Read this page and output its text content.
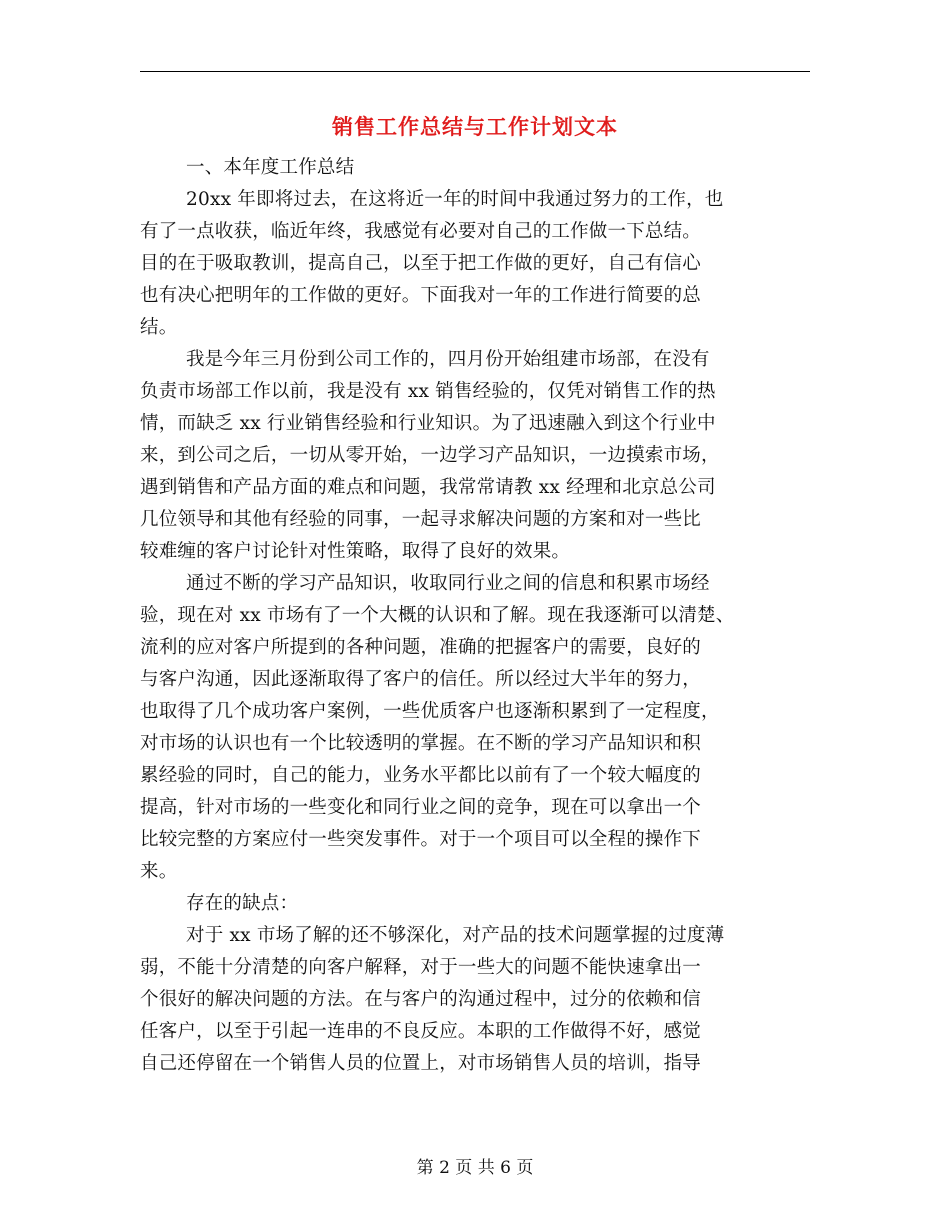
销售工作总结与工作计划文本
一、本年度工作总结
20xx 年即将过去，在这将近一年的时间中我通过努力的工作，也
有了一点收获，临近年终，我感觉有必要对自己的工作做一下总结。
目的在于吸取教训，提高自己，以至于把工作做的更好，自己有信心
也有决心把明年的工作做的更好。下面我对一年的工作进行简要的总
结。
我是今年三月份到公司工作的，四月份开始组建市场部，在没有
负责市场部工作以前，我是没有 xx 销售经验的，仅凭对销售工作的热
情，而缺乏 xx 行业销售经验和行业知识。为了迅速融入到这个行业中
来，到公司之后，一切从零开始，一边学习产品知识，一边摸索市场，
遇到销售和产品方面的难点和问题，我常常请教 xx 经理和北京总公司
几位领导和其他有经验的同事，一起寻求解决问题的方案和对一些比
较难缠的客户讨论针对性策略，取得了良好的效果。
通过不断的学习产品知识，收取同行业之间的信息和积累市场经
验，现在对 xx 市场有了一个大概的认识和了解。现在我逐渐可以清楚、
流利的应对客户所提到的各种问题，准确的把握客户的需要，良好的
与客户沟通，因此逐渐取得了客户的信任。所以经过大半年的努力，
也取得了几个成功客户案例，一些优质客户也逐渐积累到了一定程度，
对市场的认识也有一个比较透明的掌握。在不断的学习产品知识和积
累经验的同时，自己的能力，业务水平都比以前有了一个较大幅度的
提高，针对市场的一些变化和同行业之间的竞争，现在可以拿出一个
比较完整的方案应付一些突发事件。对于一个项目可以全程的操作下
来。
存在的缺点：
对于 xx 市场了解的还不够深化，对产品的技术问题掌握的过度薄
弱，不能十分清楚的向客户解释，对于一些大的问题不能快速拿出一
个很好的解决问题的方法。在与客户的沟通过程中，过分的依赖和信
任客户，以至于引起一连串的不良反应。本职的工作做得不好，感觉
自己还停留在一个销售人员的位置上，对市场销售人员的培训，指导
第 2 页 共 6 页
